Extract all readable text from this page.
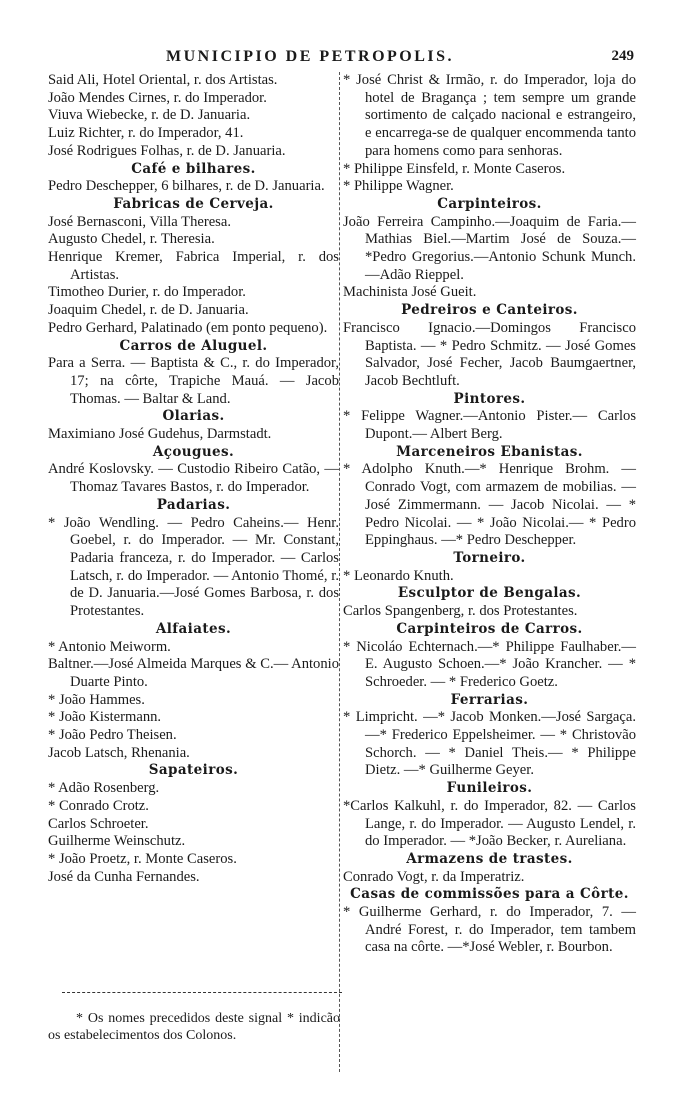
MUNICIPIO DE PETROPOLIS.	249

Said Ali, Hotel Oriental, r. dos Artistas.

João Mendes Cirnes, r. do Imperador.

Viuva Wiebecke, r. de D. Januaria.

Luiz Richter, r. do Imperador, 41.

José Rodrigues Folhas, r. de D. Januaria.

Café e bilhares.

Pedro Deschepper, 6 bilhares, r. de D. Januaria.

Fabricas de Cerveja.

José Bernasconi, Villa Theresa.

Augusto Chedel, r. Theresia.

Henrique Kremer, Fabrica Imperial, r. dos Artistas.

Timotheo Durier, r. do Imperador.

Joaquim Chedel, r. de D. Januaria.

Pedro Gerhard, Palatinado (em ponto pequeno).

Carros de Aluguel.

Para a Serra. — Baptista & C., r. do Imperador, 17; na côrte, Trapiche Mauá. — Jacob Thomas. — Baltar & Land.

Olarias.

Maximiano José Gudehus, Darmstadt.

Açougues.

André Koslovsky. — Custodio Ribeiro Catão, — Thomaz Tavares Bastos, r. do Imperador.

Padarias.

* João Wendling. — Pedro Caheins.— Henr. Goebel, r. do Imperador. — Mr. Constant, Padaria franceza, r. do Imperador. — Carlos Latsch, r. do Imperador. — Antonio Thomé, r. de D. Januaria.—José Gomes Barbosa, r. dos Protestantes.

Alfaiates.

* Antonio Meiworm.

Baltner.—José Almeida Marques & C.— Antonio Duarte Pinto.

* João Hammes.

* João Kistermann.

* João Pedro Theisen.

Jacob Latsch, Rhenania.

Sapateiros.

* Adão Rosenberg.

* Conrado Crotz.

Carlos Schroeter.

Guilherme Weinschutz.

* João Proetz, r. Monte Caseros.

José da Cunha Fernandes.

* José Christ & Irmão, r. do Imperador, loja do hotel de Bragança ; tem sempre um grande sortimento de calçado nacional e estrangeiro, e encarrega-se de qualquer encommenda tanto para homens como para senhoras.

* Philippe Einsfeld, r. Monte Caseros.

* Philippe Wagner.

Carpinteiros.

João Ferreira Campinho.—Joaquim de Faria.—Mathias Biel.—Martim José de Souza.—*Pedro Gregorius.—Antonio Schunk Munch.—Adão Rieppel.

Machinista José Gueit.

Pedreiros e Canteiros.

Francisco Ignacio.—Domingos Francisco Baptista. — * Pedro Schmitz. — José Gomes Salvador, José Fecher, Jacob Baumgaertner, Jacob Bechtluft.

Pintores.

* Felippe Wagner.—Antonio Pister.— Carlos Dupont.— Albert Berg.

Marceneiros Ebanistas.

* Adolpho Knuth.—* Henrique Brohm. —Conrado Vogt, com armazem de mobilias. — José Zimmermann. — Jacob Nicolai. — * Pedro Nicolai. — * João Nicolai.— * Pedro Eppinghaus. —* Pedro Deschepper.

Torneiro.

* Leonardo Knuth.

Esculptor de Bengalas.

Carlos Spangenberg, r. dos Protestantes.

Carpinteiros de Carros.

* Nicoláo Echternach.—* Philippe Faulhaber.— E. Augusto Schoen.—* João Krancher. — * Schroeder. — * Frederico Goetz.

Ferrarias.

* Limpricht. —* Jacob Monken.—José Sargaça. —* Frederico Eppelsheimer. — * Christovão Schorch. — * Daniel Theis.— * Philippe Dietz. —* Guilherme Geyer.

Funileiros.

*Carlos Kalkuhl, r. do Imperador, 82. — Carlos Lange, r. do Imperador. — Augusto Lendel, r. do Imperador. — *João Becker, r. Aureliana.

Armazens de trastes.

Conrado Vogt, r. da Imperatriz.

Casas de commissões para a Côrte.

* Guilherme Gerhard, r. do Imperador, 7. — André Forest, r. do Imperador, tem tambem casa na côrte. —*José Webler, r. Bourbon.

* Os nomes precedidos deste signal * indicão os estabelecimentos dos Colonos.
